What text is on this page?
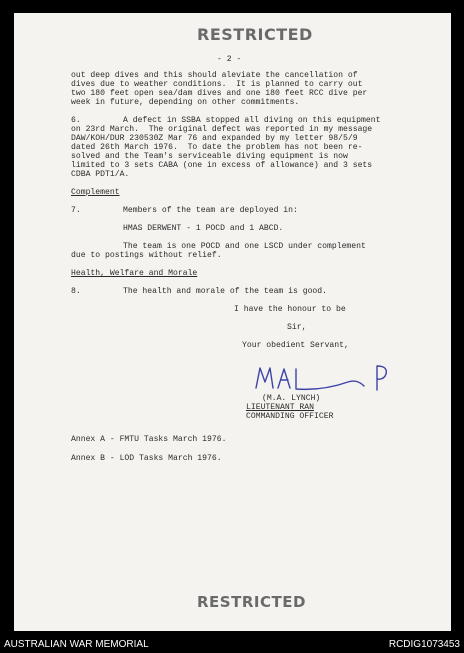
RESTRICTED
- 2 -
out deep dives and this should aleviate the cancellation of
dives due to weather conditions.  It is planned to carry out
two 180 feet open sea/dam dives and one 180 feet RCC dive per
week in future, depending on other commitments.
6.	A defect in SSBA stopped all diving on this equipment
on 23rd March.  The original defect was reported in my message
DAW/KOH/DUR 230530Z Mar 76 and expanded by my letter 98/5/9
dated 26th March 1976.  To date the problem has not been re-
solved and the Team's serviceable diving equipment is now
limited to 3 sets CABA (one in excess of allowance) and 3 sets
CDBA PDT1/A.
Complement
7.	Members of the team are deployed in:
HMAS DERWENT - 1 POCD and 1 ABCD.
The team is one POCD and one LSCD under complement
due to postings without relief.
Health, Welfare and Morale
8.	The health and morale of the team is good.
I have the honour to be
Sir,
Your obedient Servant,
(M.A. LYNCH)
LIEUTENANT RAN
COMMANDING OFFICER
Annex A - FMTU Tasks March 1976.
Annex B - LOD Tasks March 1976.
RESTRICTED
AUSTRALIAN WAR MEMORIAL	RCDIG1073453
